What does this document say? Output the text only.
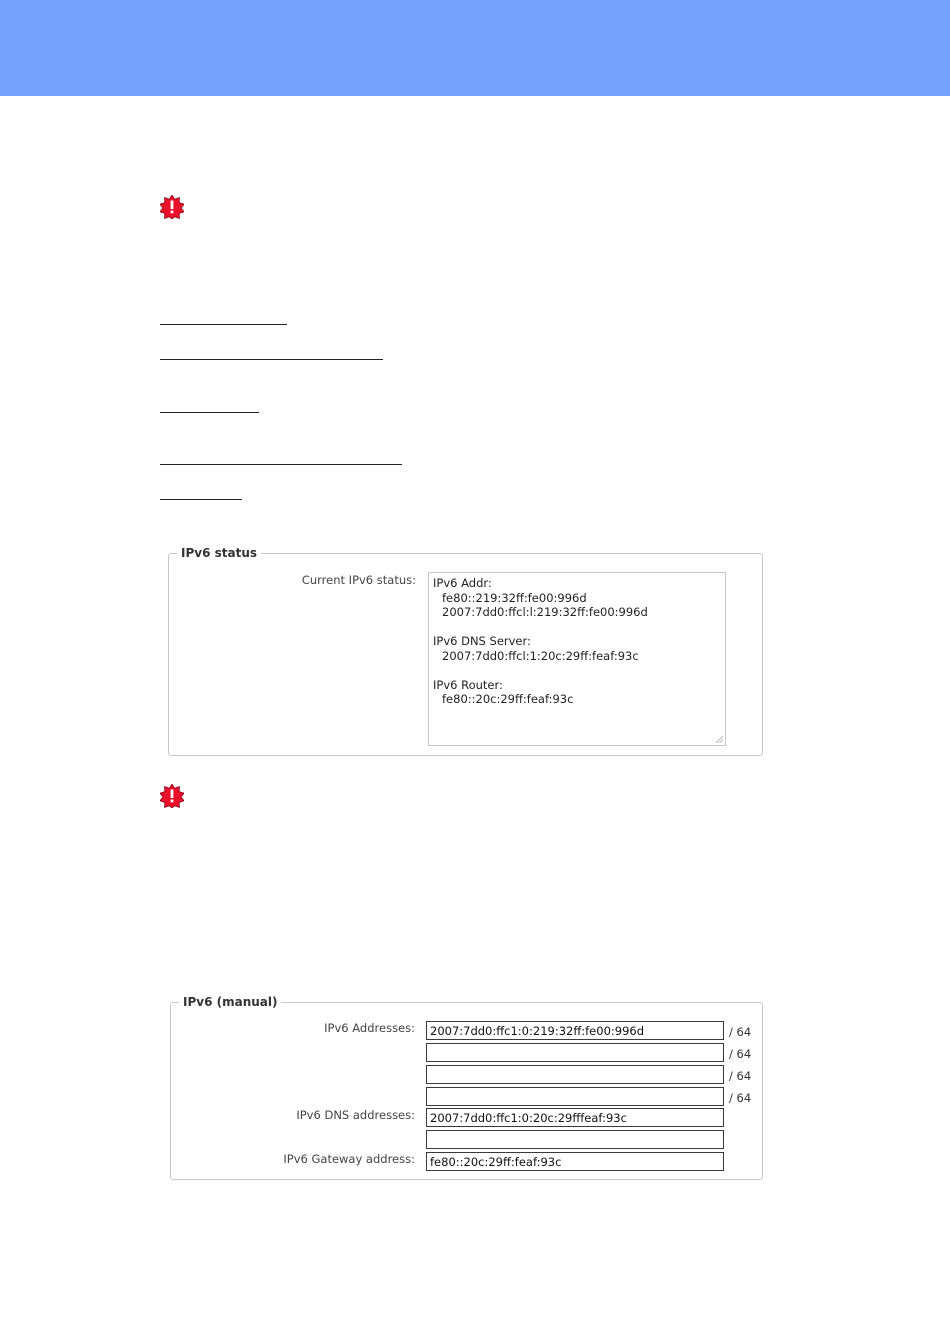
IPv6 status
Current IPv6 status: IPv6 Addr:
fe80::219:32ff:fe00:996d
2007:7dd0:ffcl:l:219:32ff:fe00:996d
IPv6 DNS Server:
2007:7dd0:ffcl:1:20c:29ff:feaf:93c
IPv6 Router:
fe80::20c:29ff:feaf:93c
IPv6 (manual)
IPv6 Addresses:
2007:7dd0:ffc1:0:219:32ff:fe00:996d	/ 64
/ 64
/ 64
/ 64
IPv6 DNS addresses:
2007:7dd0:ffc1:0:20c:29fffeaf:93c
IPv6 Gateway address:
fe80::20c:29ff:feaf:93c
